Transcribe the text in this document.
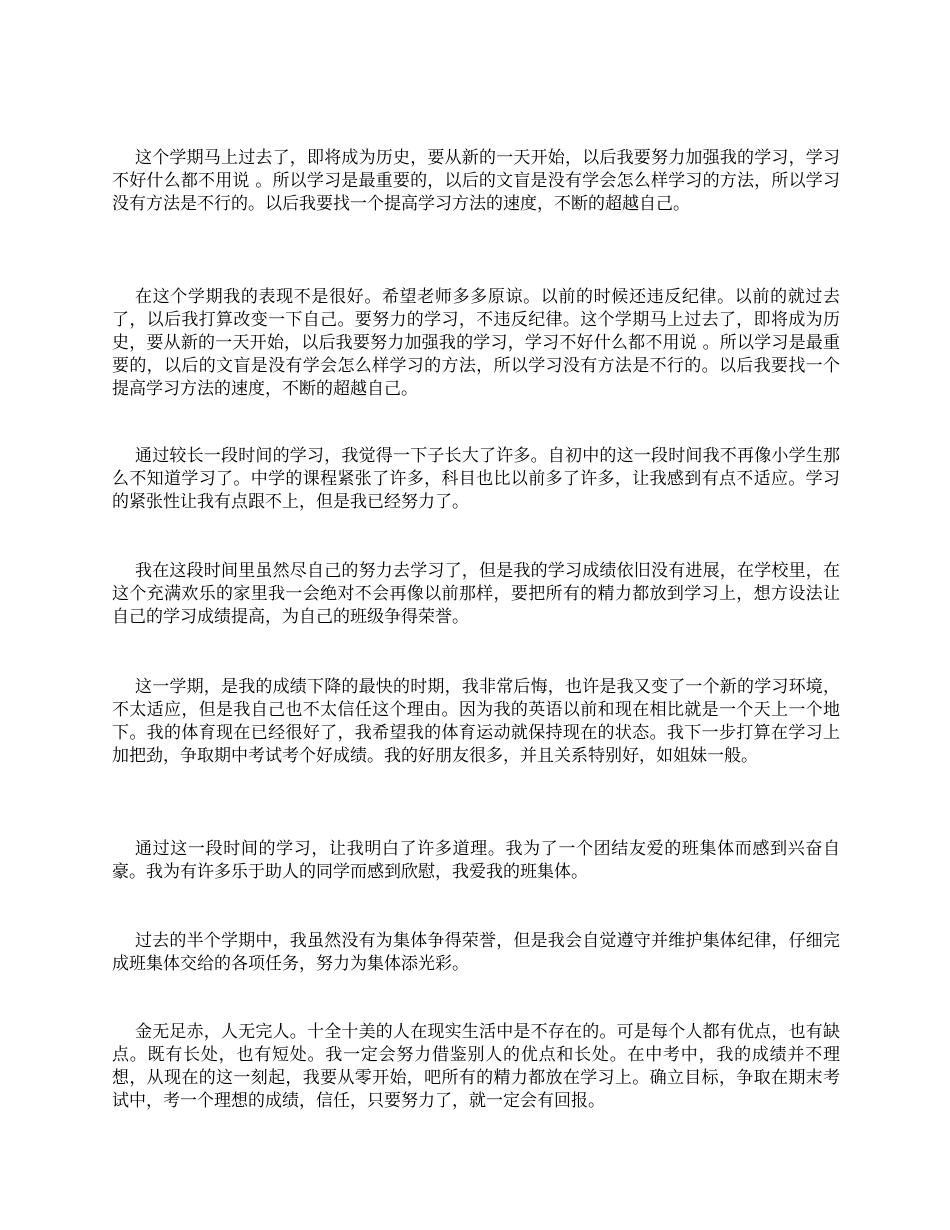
这个学期马上过去了，即将成为历史，要从新的一天开始，以后我要努力加强我的学习，学习不好什么都不用说 。所以学习是最重要的，以后的文盲是没有学会怎么样学习的方法，所以学习没有方法是不行的。以后我要找一个提高学习方法的速度，不断的超越自己。

在这个学期我的表现不是很好。希望老师多多原谅。以前的时候还违反纪律。以前的就过去了，以后我打算改变一下自己。要努力的学习，不违反纪律。这个学期马上过去了，即将成为历史，要从新的一天开始，以后我要努力加强我的学习，学习不好什么都不用说 。所以学习是最重要的，以后的文盲是没有学会怎么样学习的方法，所以学习没有方法是不行的。以后我要找一个提高学习方法的速度，不断的超越自己。

通过较长一段时间的学习，我觉得一下子长大了许多。自初中的这一段时间我不再像小学生那么不知道学习了。中学的课程紧张了许多，科目也比以前多了许多，让我感到有点不适应。学习的紧张性让我有点跟不上，但是我已经努力了。

我在这段时间里虽然尽自己的努力去学习了，但是我的学习成绩依旧没有进展，在学校里，在这个充满欢乐的家里我一会绝对不会再像以前那样，要把所有的精力都放到学习上，想方设法让自己的学习成绩提高，为自己的班级争得荣誉。

这一学期，是我的成绩下降的最快的时期，我非常后悔，也许是我又变了一个新的学习环境，不太适应，但是我自己也不太信任这个理由。因为我的英语以前和现在相比就是一个天上一个地下。我的体育现在已经很好了，我希望我的体育运动就保持现在的状态。我下一步打算在学习上加把劲，争取期中考试考个好成绩。我的好朋友很多，并且关系特别好，如姐妹一般。

通过这一段时间的学习，让我明白了许多道理。我为了一个团结友爱的班集体而感到兴奋自豪。我为有许多乐于助人的同学而感到欣慰，我爱我的班集体。

过去的半个学期中，我虽然没有为集体争得荣誉，但是我会自觉遵守并维护集体纪律，仔细完成班集体交给的各项任务，努力为集体添光彩。

金无足赤，人无完人。十全十美的人在现实生活中是不存在的。可是每个人都有优点，也有缺点。既有长处，也有短处。我一定会努力借鉴别人的优点和长处。在中考中，我的成绩并不理想，从现在的这一刻起，我要从零开始，吧所有的精力都放在学习上。确立目标，争取在期末考试中，考一个理想的成绩，信任，只要努力了，就一定会有回报。
